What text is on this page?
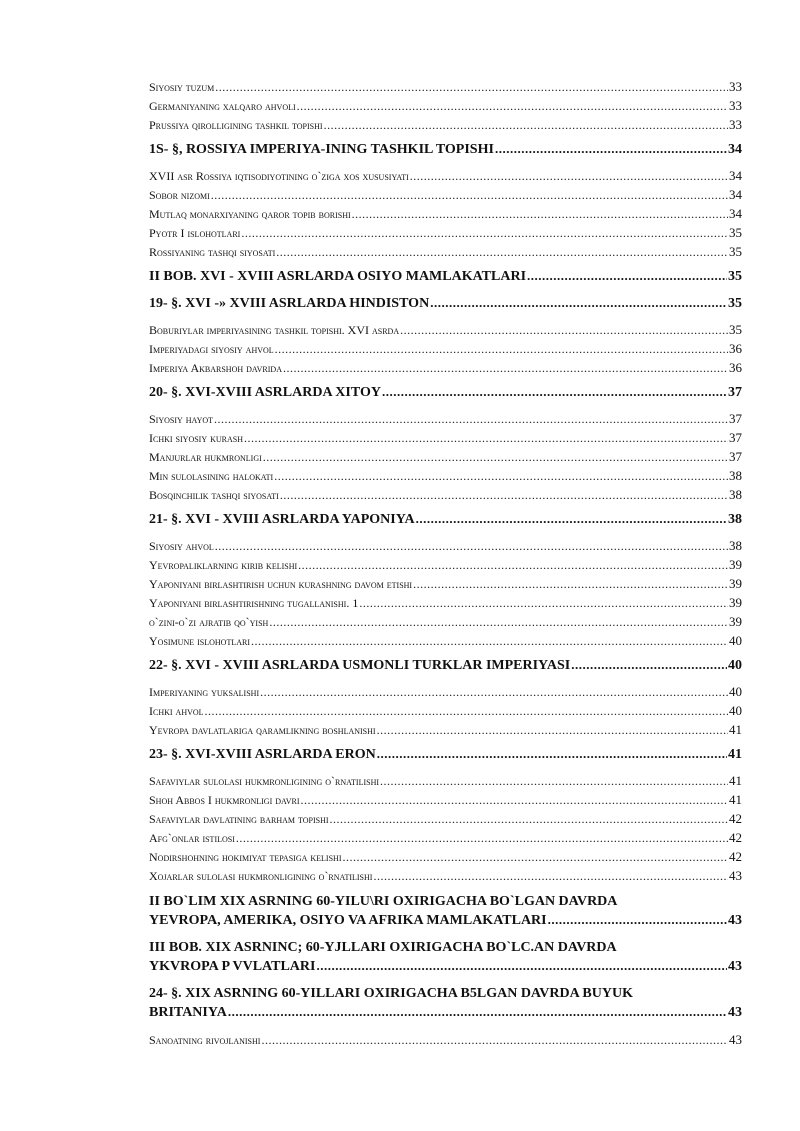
Siyosiy tuzum .....	33
Germaniyaning xalqaro ahvoli .....	33
Prussiya qirolligining tashkil topishi .....	33
1S- §, ROSSIYA IMPERIYA-INING TASHKIL TOPISHI .....	34
XVII asr Rossiya iqtisodiyotining o`ziga xos xususiyati .....	34
Sobor nizomi .....	34
Mutlaq monarxiyaning qaror topib borishi .....	34
Pyotr I islohotlari .....	35
Rossiyaning tashqi siyosati .....	35
II BOB. XVI - XVIII ASRLARDA OSIYO MAMLAKATLARI .....	35
19- §. XVI -» XVIII ASRLARDA HINDISTON .....	35
Boburiylar imperiyasining tashkil topishi. XVI asrda .....	35
Imperiyadagi siyosiy ahvol .....	36
Imperiya Akbarshoh davrida .....	36
20- §. XVI-XVIII ASRLARDA XITOY .....	37
Siyosiy hayot .....	37
Ichki siyosiy kurash .....	37
Manjurlar hukmronligi .....	37
Min sulolasining halokati .....	38
Bosqinchilik tashqi siyosati .....	38
21- §. XVI - XVIII ASRLARDA YAPONIYA .....	38
Siyosiy ahvol .....	38
Yevropaliklarning kirib kelishi .....	39
Yaponiyani birlashtirish uchun kurashning davom etishi .....	39
Yaponiyani birlashtirishning tugallanishi. 1 .....	39
o`zini-o`zi ajratib qo`yish .....	39
Yosimune islohotlari .....	40
22- §. XVI - XVIII ASRLARDA USMONLI TURKLAR IMPERIYASI .....	40
Imperiyaning yuksalishi .....	40
Ichki ahvol .....	40
Yevropa davlatlariga qaramlikning boshlanishi .....	41
23- §. XVI-XVIII ASRLARDA ERON .....	41
Safaviylar sulolasi hukmronligining o`rnatilishi .....	41
Shoh Abbos I hukmronligi davri .....	41
Safaviylar davlatining barham topishi .....	42
Afg`onlar istilosi .....	42
Nodirshohning hokimiyat tepasiga kelishi .....	42
Xojarlar sulolasi hukmronligining o`rnatilishi .....	43
II BO`LIM XIX ASRNING 60-YILU\RI OXIRIGACHA BO`LGAN DAVRDA
YEVROPA, AMERIKA, OSIYO VA AFRIKA MAMLAKATLARI .....	43
III BOB. XIX ASRNINC; 60-YJLLARI OXIRIGACHA BO`LC.AN DAVRDA
YKVROPA P VVLATLARI .....	43
24- §. XIX ASRNING 60-YILLARI OXIRIGACHA B5LGAN DAVRDA BUYUK
BRITANIYA .....	43
Sanoatning rivojlanishi .....	43
